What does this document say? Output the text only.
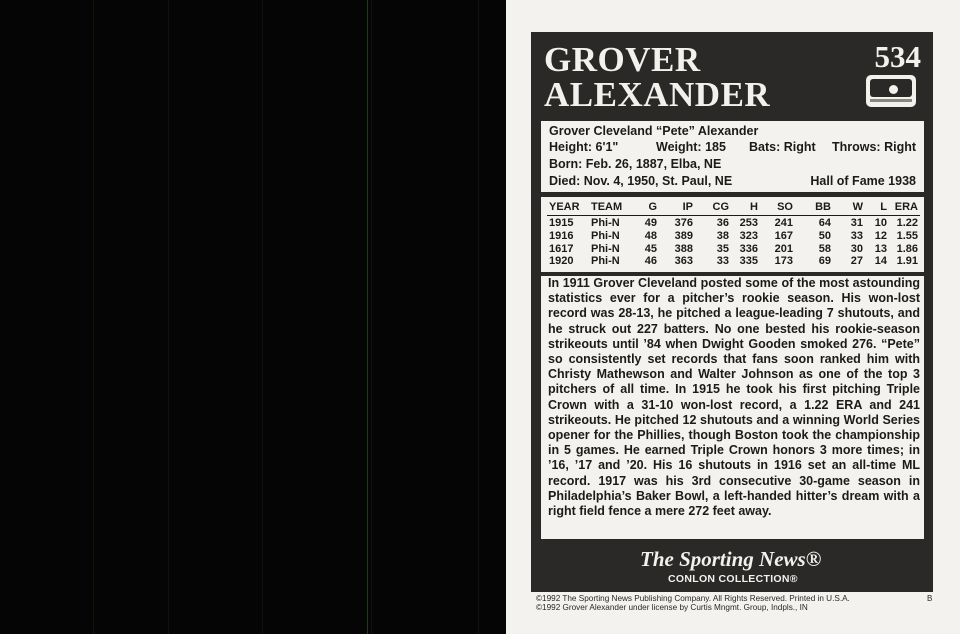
GROVER
ALEXANDER
534
Grover Cleveland “Pete” Alexander
Height: 6'1"	Weight: 185 Bats: Right Throws: Right
Born: Feb. 26, 1887, Elba, NE
Died: Nov. 4, 1950, St. Paul, NE	Hall of Fame 1938
YEAR TEAM G IP CG H SO BB W L ERA
1915 Phi-N 49 376 36 253 241 64 31 10 1.22
1916 Phi-N 48 389 38 323 167 50 33 12 1.55
1617 Phi-N 45 388 35 336 201 58 30 13 1.86
1920 Phi-N 46 363 33 335 173 69 27 14 1.91

In 1911 Grover Cleveland posted some of the most astounding statistics ever for a pitcher’s rookie season. His won-lost record was 28-13, he pitched a league-leading 7 shutouts, and he struck out 227 batters. No one bested his rookie-season strikeouts until ’84 when Dwight Gooden smoked 276. “Pete” so consistently set records that fans soon ranked him with Christy Mathewson and Walter Johnson as one of the top 3 pitchers of all time. In 1915 he took his first pitching Triple Crown with a 31-10 won-lost record, a 1.22 ERA and 241 strikeouts. He pitched 12 shutouts and a winning World Series opener for the Phillies, though Boston took the championship in 5 games. He earned Triple Crown honors 3 more times; in ’16, ’17 and ’20. His 16 shutouts in 1916 set an all-time ML record. 1917 was his 3rd consecutive 30-game season in Philadelphia’s Baker Bowl, a left-handed hitter’s dream with a right field fence a mere 272 feet away.

The Sporting News®
CONLON COLLECTION®
©1992 The Sporting News Publishing Company. All Rights Reserved. Printed in U.S.A.
©1992 Grover Alexander under license by Curtis Mngmt. Group, Indpls., IN
B
